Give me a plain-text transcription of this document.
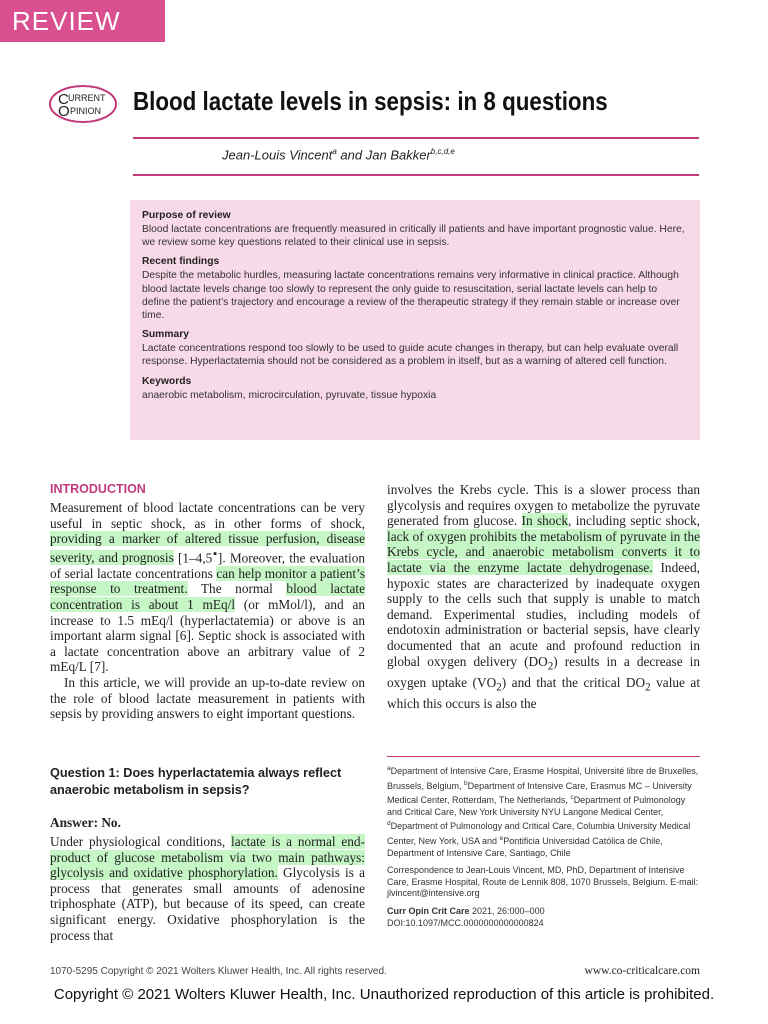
REVIEW
C URRENT
O PINION Blood lactate levels in sepsis: in 8 questions
Jean-Louis Vincent$^a$ and Jan Bakker$^{b,c,d,e}$
Purpose of review

Blood lactate concentrations are frequently measured in critically ill patients and have important prognostic value. Here, we review some key questions related to their clinical use in sepsis.

Recent findings

Despite the metabolic hurdles, measuring lactate concentrations remains very informative in clinical practice. Although blood lactate levels change too slowly to represent the only guide to resuscitation, serial lactate levels can help to define the patient’s trajectory and encourage a review of the therapeutic strategy if they remain stable or increase over time.

Summary

Lactate concentrations respond too slowly to be used to guide acute changes in therapy, but can help evaluate overall response. Hyperlactatemia should not be considered as a problem in itself, but as a warning of altered cell function.

Keywords

anaerobic metabolism, microcirculation, pyruvate, tissue hypoxia

INTRODUCTION

Measurement of blood lactate concentrations can be very useful in septic shock, as in other forms of shock, providing a marker of altered tissue perfusion, disease severity, and prognosis [1–4,5▪]. Moreover, the evaluation of serial lactate concentrations can help monitor a patient’s response to treatment. The normal blood lactate concentration is about 1 mEq/l (or mMol/l), and an increase to 1.5 mEq/l (hyperlactatemia) or above is an important alarm signal [6]. Septic shock is associated with a lactate concentration above an arbitrary value of 2 mEq/L [7].

In this article, we will provide an up-to-date review on the role of blood lactate measurement in patients with sepsis by providing answers to eight important questions.

involves the Krebs cycle. This is a slower process than glycolysis and requires oxygen to metabolize the pyruvate generated from glucose. In shock, including septic shock, lack of oxygen prohibits the metabolism of pyruvate in the Krebs cycle, and anaerobic metabolism converts it to lactate via the enzyme lactate dehydrogenase. Indeed, hypoxic states are characterized by inadequate oxygen supply to the cells such that supply is unable to match demand. Experimental studies, including models of endotoxin administration or bacterial sepsis, have clearly documented that an acute and profound reduction in global oxygen delivery $(DO_2)$ results in a decrease in oxygen uptake $(VO_2)$ and that the critical $DO_2$ value at which this occurs is also the

Question 1: Does hyperlactatemia always reflect anaerobic metabolism in sepsis?
Answer: No.

Under physiological conditions, lactate is a normal end-product of glucose metabolism via two main pathways: glycolysis and oxidative phosphorylation. Glycolysis is a process that generates small amounts of adenosine triphosphate (ATP), but because of its speed, can create significant energy. Oxidative phosphorylation is the process that

$^a$Department of Intensive Care, Erasme Hospital, Université libre de Bruxelles, Brussels, Belgium, $^b$Department of Intensive Care, Erasmus MC – University Medical Center, Rotterdam, The Netherlands, $^c$Department of Pulmonology and Critical Care, New York University NYU Langone Medical Center, $^d$Department of Pulmonology and Critical Care, Columbia University Medical Center, New York, USA and $^e$Pontificia Universidad Católica de Chile, Department of Intensive Care, Santiago, Chile

Correspondence to Jean-Louis Vincent, MD, PhD, Department of Intensive Care, Erasme Hospital, Route de Lennik 808, 1070 Brussels, Belgium. E-mail: jlvincent@intensive.org

Curr Opin Crit Care 2021, 26:000–000
DOI:10.1097/MCC.0000000000000824

1070-5295 Copyright © 2021 Wolters Kluwer Health, Inc. All rights reserved.	www.co-criticalcare.com
Copyright © 2021 Wolters Kluwer Health, Inc. Unauthorized reproduction of this article is prohibited.
